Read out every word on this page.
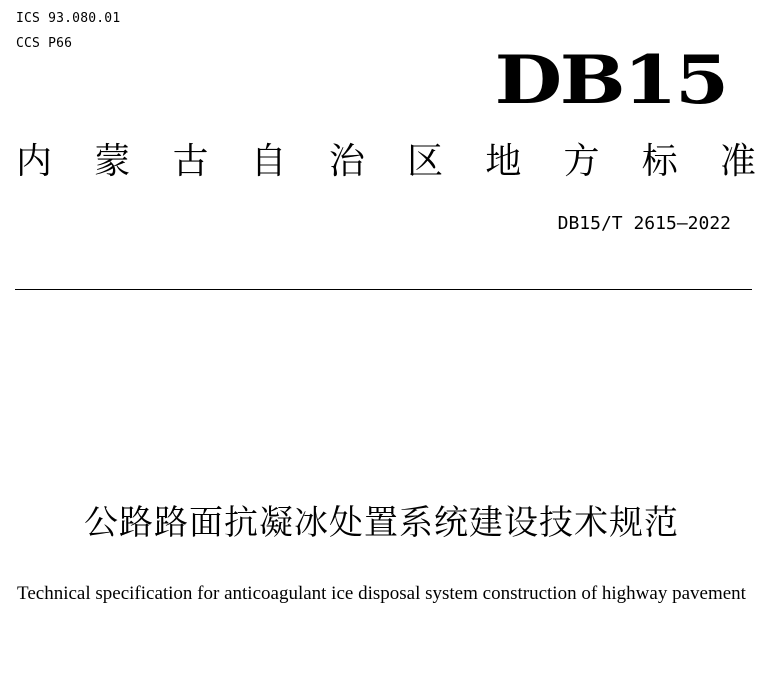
ICS 93.080.01
CCS P66	DB15
内 蒙 古 自 治 区 地 方 标 准
DB15/T 2615—2022
公路路面抗凝冰处置系统建设技术规范
Technical specification for anticoagulant ice disposal system construction of highway pavement
